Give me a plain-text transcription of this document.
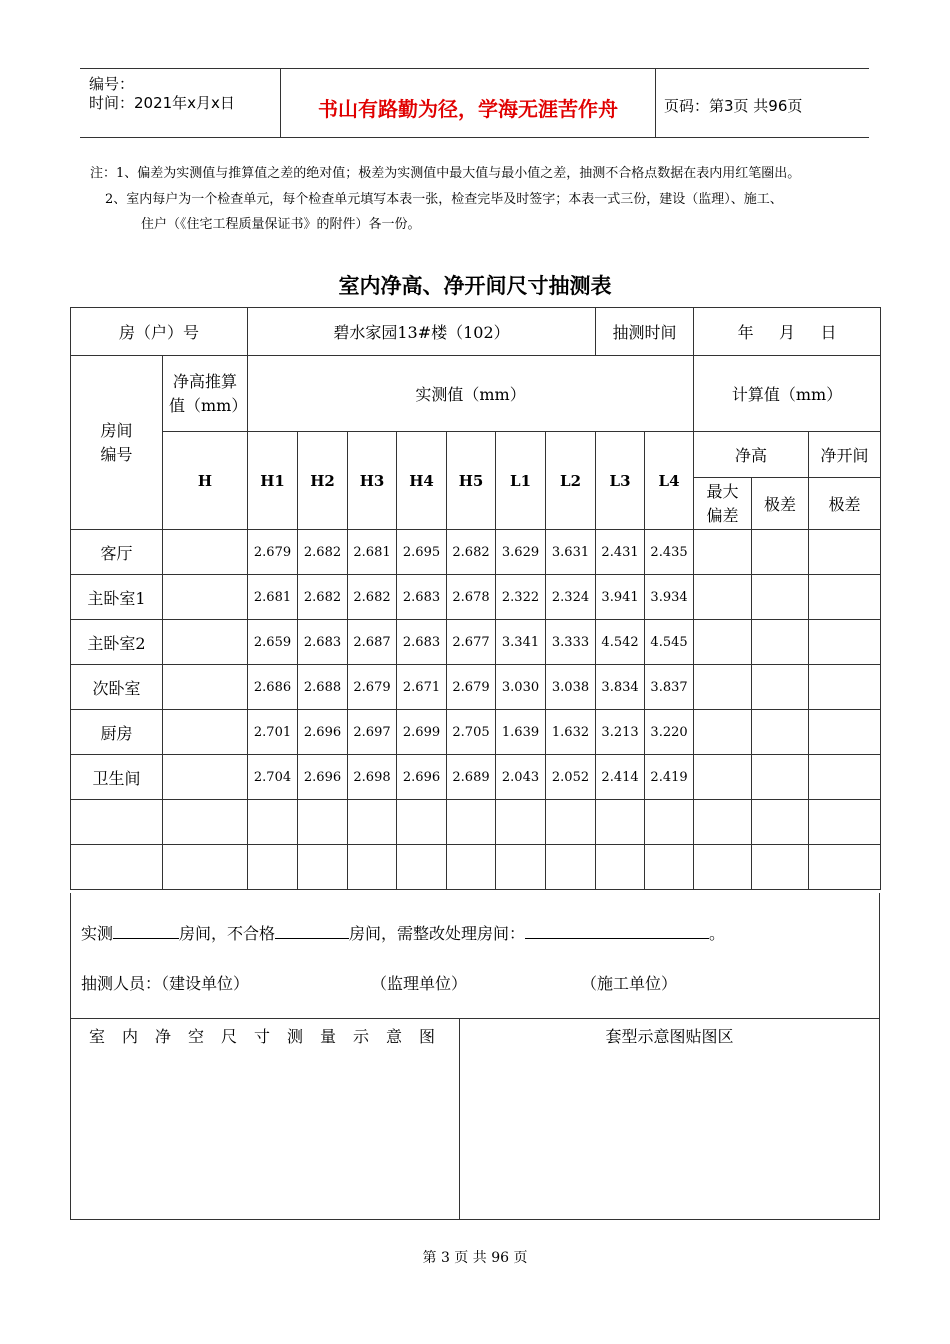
编号：
时间：2021年x月x日	书山有路勤为径，学海无涯苦作舟	页码：第3页 共96页
注：1、偏差为实测值与推算值之差的绝对值；极差为实测值中最大值与最小值之差，抽测不合格点数据在表内用红笔圈出。
2、室内每户为一个检查单元，每个检查单元填写本表一张，检查完毕及时签字；本表一式三份，建设（监理）、施工、
住户（《住宅工程质量保证书》的附件）各一份。
室内净高、净开间尺寸抽测表
房（户）号		碧水家园13#楼（102）							抽测时间		年     月     日		
房间编号	净高推算值（mm）	实测值（mm）									计算值（mm）		
	H	H1	H2	H3	H4	H5	L1	L2	L3	L4	净高		净开间
											最大偏差	极差	极差
客厅		2.679	2.682	2.681	2.695	2.682	3.629	3.631	2.431	2.435			
主卧室1		2.681	2.682	2.682	2.683	2.678	2.322	2.324	3.941	3.934			
主卧室2		2.659	2.683	2.687	2.683	2.677	3.341	3.333	4.542	4.545			
次卧室		2.686	2.688	2.679	2.671	2.679	3.030	3.038	3.834	3.837			
厨房		2.701	2.696	2.697	2.699	2.705	1.639	1.632	3.213	3.220			
卫生间		2.704	2.696	2.698	2.696	2.689	2.043	2.052	2.414	2.419			

实测	房间，不合格	房间，需整改处理房间：	。
抽测人员：（建设单位）	（监理单位）	（施工单位）
室内净空尺寸测量示意图	套型示意图贴图区
第 3 页 共 96 页
